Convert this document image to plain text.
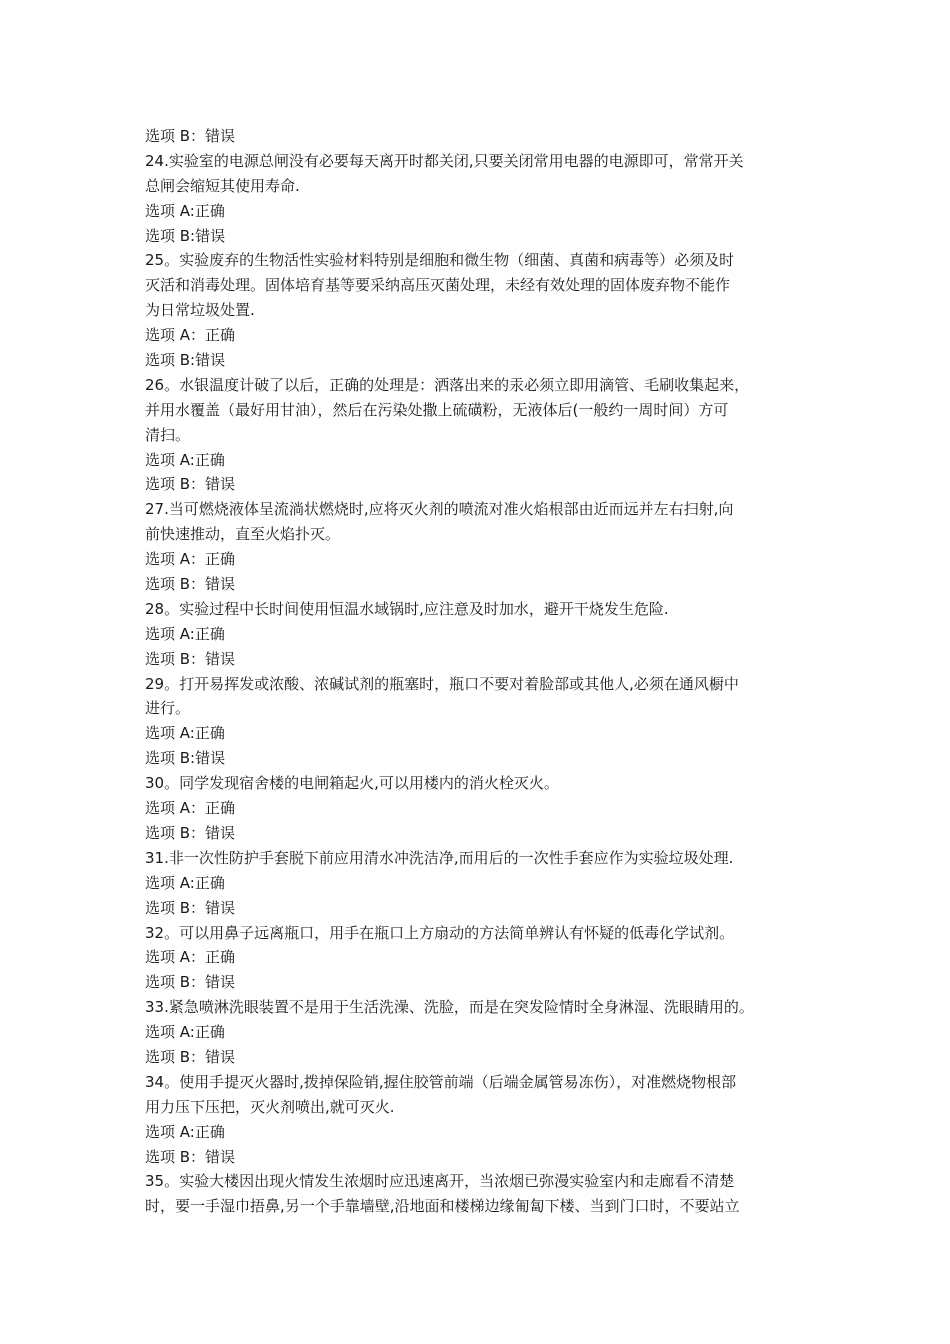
选项 B：错误
24.实验室的电源总闸没有必要每天离开时都关闭,只要关闭常用电器的电源即可，常常开关
总闸会缩短其使用寿命.
选项 A:正确
选项 B:错误
25。实验废弃的生物活性实验材料特别是细胞和微生物（细菌、真菌和病毒等）必须及时
灭活和消毒处理。固体培育基等要采纳高压灭菌处理，未经有效处理的固体废弃物不能作
为日常垃圾处置.
选项 A：正确
选项 B:错误
26。水银温度计破了以后，正确的处理是：洒落出来的汞必须立即用滴管、毛刷收集起来，
并用水覆盖（最好用甘油），然后在污染处撒上硫磺粉，无液体后(一般约一周时间）方可
清扫。
选项 A:正确
选项 B：错误
27.当可燃烧液体呈流淌状燃烧时,应将灭火剂的喷流对准火焰根部由近而远并左右扫射,向
前快速推动，直至火焰扑灭。
选项 A：正确
选项 B：错误
28。实验过程中长时间使用恒温水域锅时,应注意及时加水，避开干烧发生危险.
选项 A:正确
选项 B：错误
29。打开易挥发或浓酸、浓碱试剂的瓶塞时，瓶口不要对着脸部或其他人,必须在通风橱中
进行。
选项 A:正确
选项 B:错误
30。同学发现宿舍楼的电闸箱起火,可以用楼内的消火栓灭火。
选项 A：正确
选项 B：错误
31.非一次性防护手套脱下前应用清水冲洗洁净,而用后的一次性手套应作为实验垃圾处理.
选项 A:正确
选项 B：错误
32。可以用鼻子远离瓶口，用手在瓶口上方扇动的方法简单辨认有怀疑的低毒化学试剂。
选项 A：正确
选项 B：错误
33.紧急喷淋洗眼装置不是用于生活洗澡、洗脸，而是在突发险情时全身淋湿、洗眼睛用的。
选项 A:正确
选项 B：错误
34。使用手提灭火器时,拨掉保险销,握住胶管前端（后端金属管易冻伤），对准燃烧物根部
用力压下压把，灭火剂喷出,就可灭火.
选项 A:正确
选项 B：错误
35。实验大楼因出现火情发生浓烟时应迅速离开，当浓烟已弥漫实验室内和走廊看不清楚
时，要一手湿巾捂鼻,另一个手靠墙壁,沿地面和楼梯边缘匍匐下楼、当到门口时，不要站立
